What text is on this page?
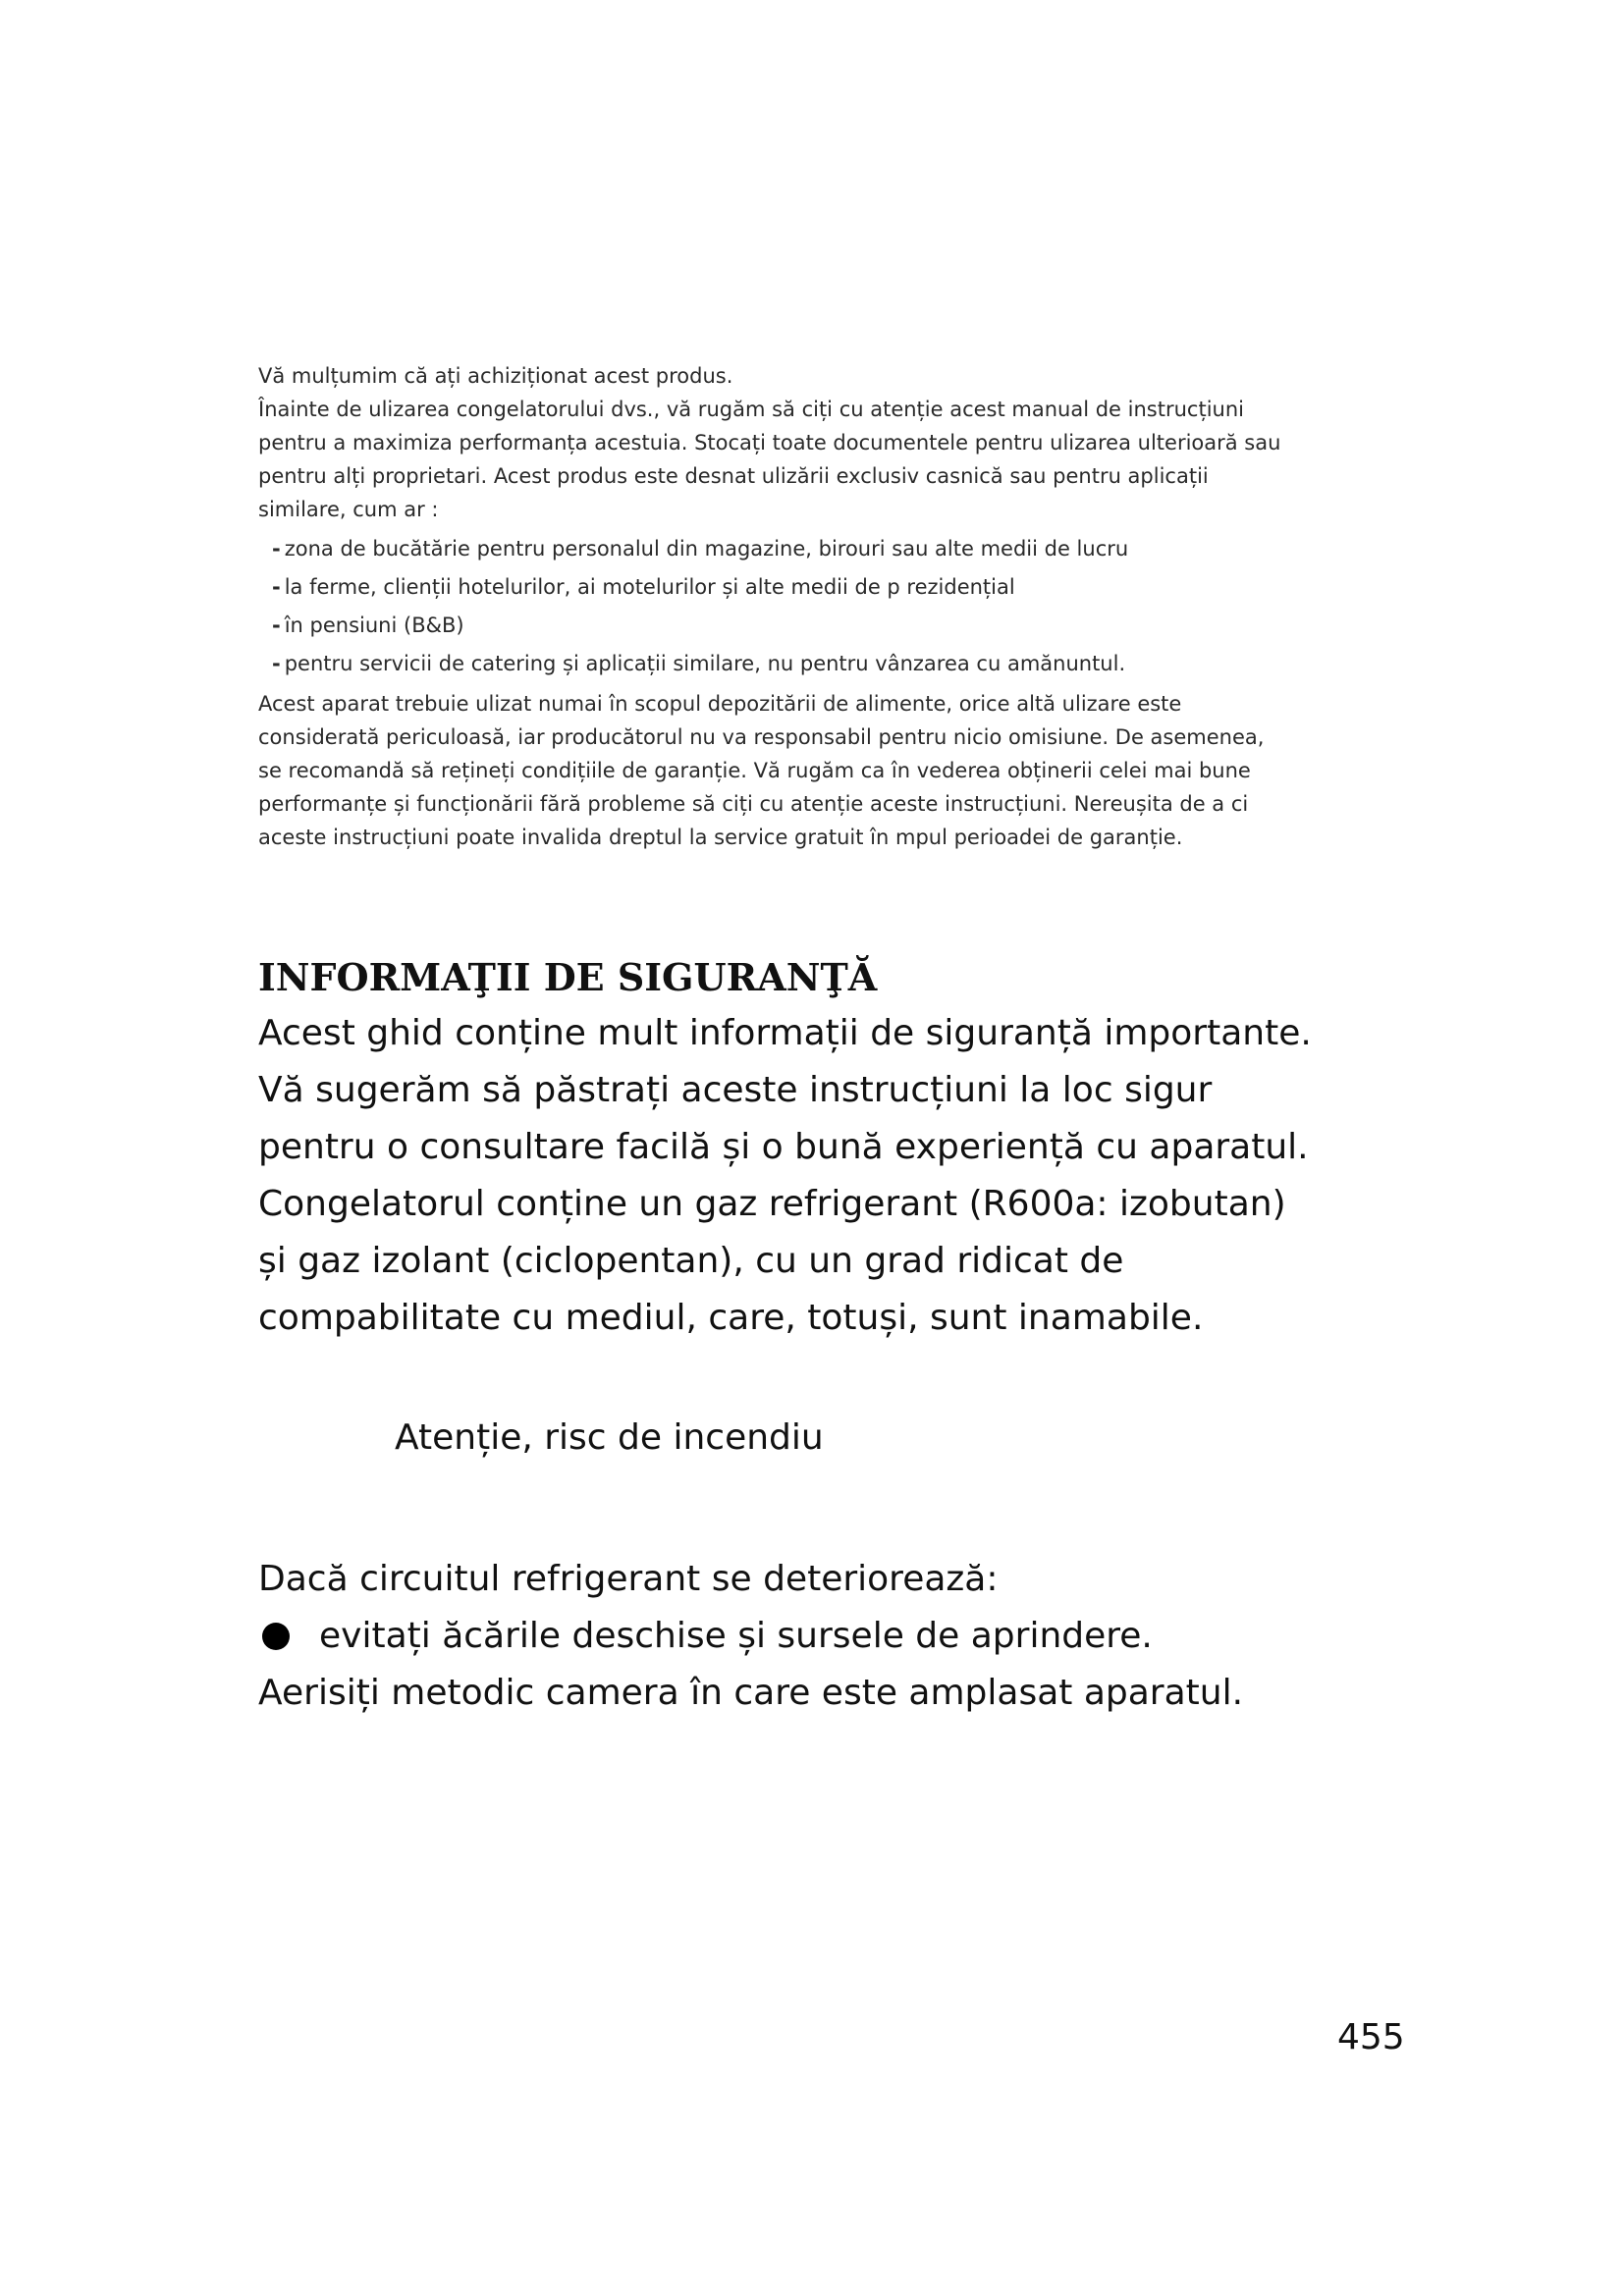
Vă mulțumim că ați achiziționat acest produs.
Înainte de ulizarea congelatorului dvs., vă rugăm să ciți cu atenție acest manual de instrucțiuni
pentru a maximiza performanța acestuia. Stocați toate documentele pentru ulizarea ulterioară sau
pentru alți proprietari. Acest produs este desnat ulizării exclusiv casnică sau pentru aplicații
similare, cum ar :
- zona de bucătărie pentru personalul din magazine, birouri sau alte medii de lucru
- la ferme, clienții hotelurilor, ai motelurilor și alte medii de p rezidențial
- în pensiuni (B&B)
- pentru servicii de catering și aplicații similare, nu pentru vânzarea cu amănuntul.
Acest aparat trebuie ulizat numai în scopul depozitării de alimente, orice altă ulizare este
considerată periculoasă, iar producătorul nu va responsabil pentru nicio omisiune. De asemenea,
se recomandă să rețineți condițiile de garanție. Vă rugăm ca în vederea obținerii celei mai bune
performanțe și funcționării fără probleme să ciți cu atenție aceste instrucțiuni. Nereușita de a ci
aceste instrucțiuni poate invalida dreptul la service gratuit în mpul perioadei de garanție.
INFORMAŢII DE SIGURANŢĂ
Acest ghid conține mult informații de siguranță importante.
Vă sugerăm să păstrați aceste instrucțiuni la loc sigur
pentru o consultare facilă și o bună experiență cu aparatul.
Congelatorul conține un gaz refrigerant (R600a: izobutan)
și gaz izolant (ciclopentan), cu un grad ridicat de
compabilitate cu mediul, care, totuși, sunt inamabile.
Atenție, risc de incendiu
Dacă circuitul refrigerant se deteriorează:
evitați ăcările deschise și sursele de aprindere.
Aerisiți metodic camera în care este amplasat aparatul.
455
